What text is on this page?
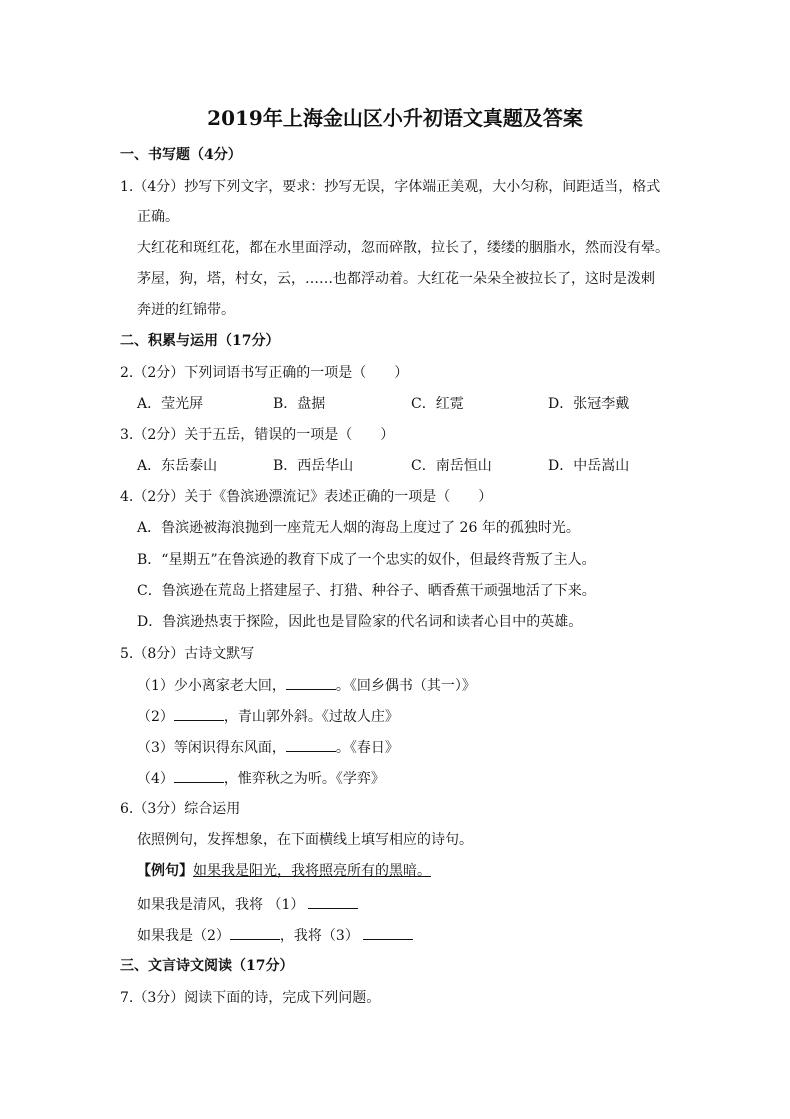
2019年上海金山区小升初语文真题及答案
一、书写题（4分）
1.（4分）抄写下列文字，要求：抄写无误，字体端正美观，大小匀称，间距适当，格式
正确。
大红花和斑红花，都在水里面浮动，忽而碎散，拉长了，缕缕的胭脂水，然而没有晕。
茅屋，狗，塔，村女，云，……也都浮动着。大红花一朵朵全被拉长了，这时是泼剌
奔迸的红锦带。
二、积累与运用（17分）
2.（2分）下列词语书写正确的一项是（　　）
A．莹光屏	B．盘据	C．红霓	D．张冠李戴
3.（2分）关于五岳，错误的一项是（　　）
A．东岳泰山	B．西岳华山	C．南岳恒山	D．中岳嵩山
4.（2分）关于《鲁滨逊漂流记》表述正确的一项是（　　）
A．鲁滨逊被海浪抛到一座荒无人烟的海岛上度过了 26 年的孤独时光。
B．“星期五”在鲁滨逊的教育下成了一个忠实的奴仆，但最终背叛了主人。
C．鲁滨逊在荒岛上搭建屋子、打猎、种谷子、晒香蕉干顽强地活了下来。
D．鲁滨逊热衷于探险，因此也是冒险家的代名词和读者心目中的英雄。
5.（8分）古诗文默写
（1）少小离家老大回，	。《回乡偶书（其一）》
（2）	，青山郭外斜。《过故人庄》
（3）等闲识得东风面，	。《春日》
（4）	，惟弈秋之为听。《学弈》
6.（3分）综合运用
依照例句，发挥想象，在下面横线上填写相应的诗句。
【例句】如果我是阳光，我将照亮所有的黑暗。
如果我是清风，我将 （1）
如果我是（2）	，我将（3）
三、文言诗文阅读（17分）
7.（3分）阅读下面的诗，完成下列问题。
